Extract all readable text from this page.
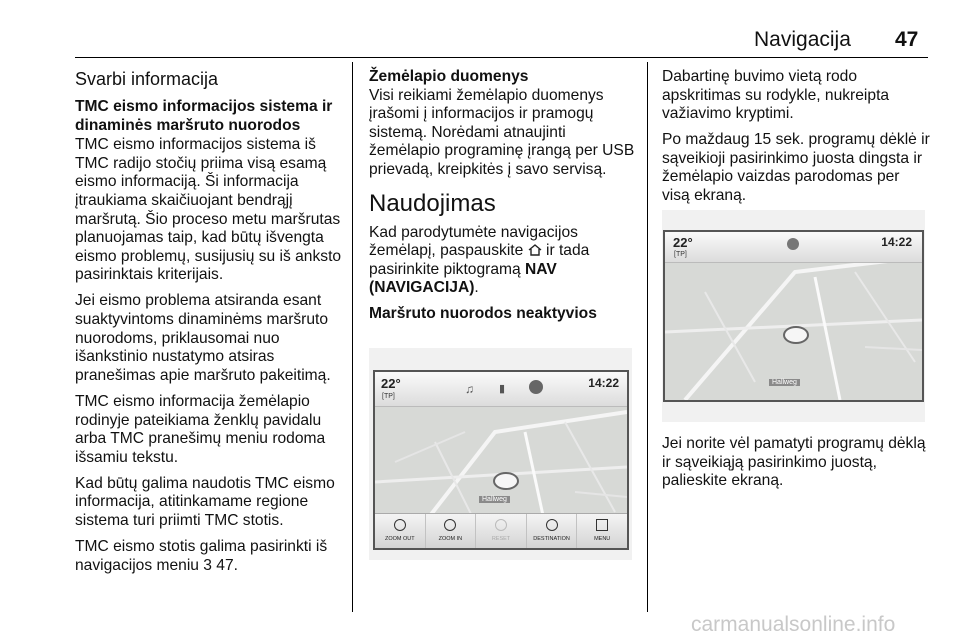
Navigacija 47
Svarbi informacija

TMC eismo informacijos sistema ir dinaminės maršruto nuorodos

TMC eismo informacijos sistema iš TMC radijo stočių priima visą esamą eismo informaciją. Ši informacija įtraukiama skaičiuojant bendrąjį maršrutą. Šio proceso metu maršrutas planuojamas taip, kad būtų išvengta eismo problemų, susijusių su iš anksto pasirinktais kriterijais.

Jei eismo problema atsiranda esant suaktyvintoms dinaminėms maršruto nuorodoms, priklausomai nuo išankstinio nustatymo atsiras pranešimas apie maršruto pakeitimą.

TMC eismo informacija žemėlapio rodinyje pateikiama ženklų pavidalu arba TMC pranešimų meniu rodoma išsamiu tekstu.

Kad būtų galima naudotis TMC eismo informacija, atitinkamame regione sistema turi priimti TMC stotis.

TMC eismo stotis galima pasirinkti iš navigacijos meniu 3 47.

Žemėlapio duomenys

Visi reikiami žemėlapio duomenys įrašomi į informacijos ir pramogų sistemą. Norėdami atnaujinti žemėlapio programinę įrangą per USB prievadą, kreipkitės į savo servisą.

Naudojimas

Kad parodytumėte navigacijos žemėlapį, paspauskite ir tada pasirinkite piktogramą NAV (NAVIGACIJA).

Maršruto nuorodos neaktyvios

22°
[TP]
14:22
♫ ▮
Hallweg
ZOOM OUT	ZOOM IN	RESET	DESTINATION	MENU

Dabartinę buvimo vietą rodo apskritimas su rodykle, nukreipta važiavimo kryptimi.

Po maždaug 15 sek. programų dėklė ir sąveikioji pasirinkimo juosta dingsta ir žemėlapio vaizdas parodomas per visą ekraną.

22°
[TP]
14:22
Hallweg

Jei norite vėl pamatyti programų dėklą ir sąveikiąją pasirinkimo juostą, palieskite ekraną.

carmanualsonline.info
